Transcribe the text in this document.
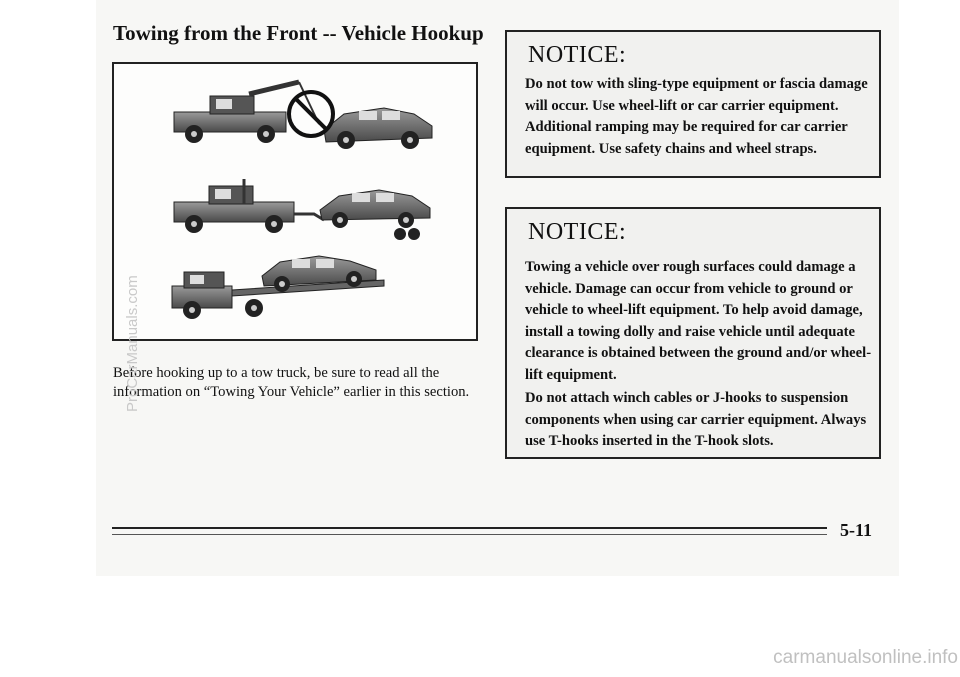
Towing from the Front -- Vehicle Hookup

Before hooking up to a tow truck, be sure to read all the information on “Towing Your Vehicle” earlier in this section.

NOTICE:

Do not tow with sling-type equipment or fascia damage will occur. Use wheel-lift or car carrier equipment. Additional ramping may be required for car carrier equipment. Use safety chains and wheel straps.

NOTICE:

Towing a vehicle over rough surfaces could damage a vehicle. Damage can occur from vehicle to ground or vehicle to wheel-lift equipment. To help avoid damage, install a towing dolly and raise vehicle until adequate clearance is obtained between the ground and/or wheel-lift equipment.

Do not attach winch cables or J-hooks to suspension components when using car carrier equipment. Always use T-hooks inserted in the T-hook slots.

5-11

ProCarManuals.com

carmanualsonline.info
